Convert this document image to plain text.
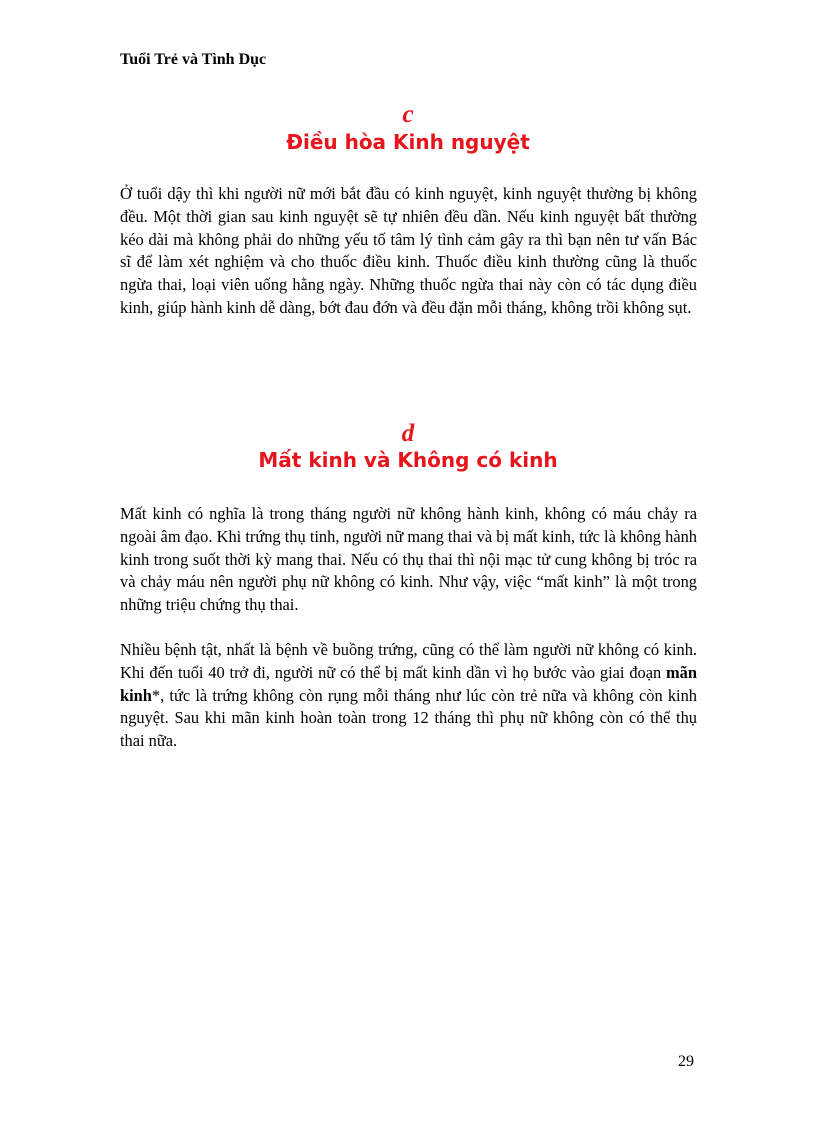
Tuổi Trẻ và Tình Dục
c
Điều hòa Kinh nguyệt

Ở tuổi dậy thì khi người nữ mới bắt đầu có kinh nguyệt, kinh nguyệt thường bị không đều. Một thời gian sau kinh nguyệt sẽ tự nhiên đều dần. Nếu kinh nguyệt bất thường kéo dài mà không phải do những yếu tố tâm lý tình cảm gây ra thì bạn nên tư vấn Bác sĩ để làm xét nghiệm và cho thuốc điều kinh. Thuốc điều kinh thường cũng là thuốc ngừa thai, loại viên uống hằng ngày. Những thuốc ngừa thai này còn có tác dụng điều kinh, giúp hành kinh dễ dàng, bớt đau đớn và đều đặn mỗi tháng, không trồi không sụt.

d
Mất kinh và Không có kinh

Mất kinh có nghĩa là trong tháng người nữ không hành kinh, không có máu chảy ra ngoài âm đạo. Khi trứng thụ tinh, người nữ mang thai và bị mất kinh, tức là không hành kinh trong suốt thời kỳ mang thai. Nếu có thụ thai thì nội mạc tử cung không bị tróc ra và chảy máu nên người phụ nữ không có kinh. Như vậy, việc “mất kinh” là một trong những triệu chứng thụ thai.

Nhiều bệnh tật, nhất là bệnh về buồng trứng, cũng có thể làm người nữ không có kinh. Khi đến tuổi 40 trở đi, người nữ có thể bị mất kinh dần vì họ bước vào giai đoạn mãn kinh*, tức là trứng không còn rụng mỗi tháng như lúc còn trẻ nữa và không còn kinh nguyệt. Sau khi mãn kinh hoàn toàn trong 12 tháng thì phụ nữ không còn có thể thụ thai nữa.

29
